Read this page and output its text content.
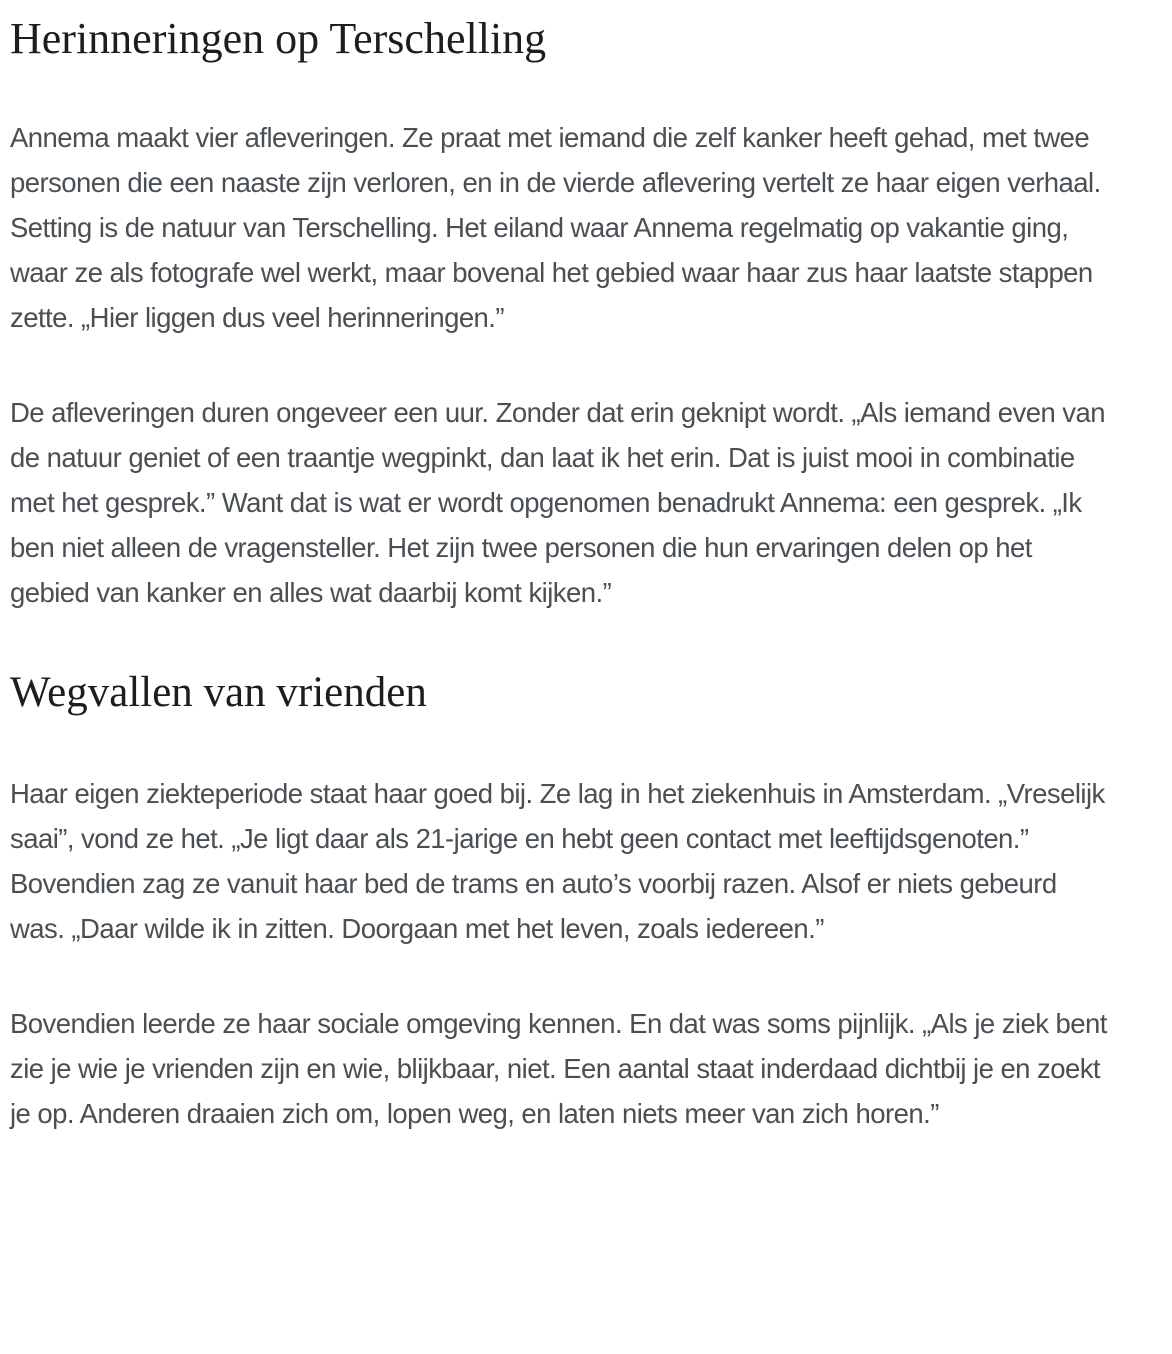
Herinneringen op Terschelling

Annema maakt vier afleveringen. Ze praat met iemand die zelf kanker heeft gehad, met twee personen die een naaste zijn verloren, en in de vierde aflevering vertelt ze haar eigen verhaal. Setting is de natuur van Terschelling. Het eiland waar Annema regelmatig op vakantie ging, waar ze als fotografe wel werkt, maar bovenal het gebied waar haar zus haar laatste stappen zette. „Hier liggen dus veel herinneringen.”

De afleveringen duren ongeveer een uur. Zonder dat erin geknipt wordt. „Als iemand even van de natuur geniet of een traantje wegpinkt, dan laat ik het erin. Dat is juist mooi in combinatie met het gesprek.” Want dat is wat er wordt opgenomen benadrukt Annema: een gesprek. „Ik ben niet alleen de vragensteller. Het zijn twee personen die hun ervaringen delen op het gebied van kanker en alles wat daarbij komt kijken.”

Wegvallen van vrienden

Haar eigen ziekteperiode staat haar goed bij. Ze lag in het ziekenhuis in Amsterdam. „Vreselijk saai”, vond ze het. „Je ligt daar als 21-jarige en hebt geen contact met leeftijdsgenoten.” Bovendien zag ze vanuit haar bed de trams en auto’s voorbij razen. Alsof er niets gebeurd was. „Daar wilde ik in zitten. Doorgaan met het leven, zoals iedereen.”

Bovendien leerde ze haar sociale omgeving kennen. En dat was soms pijnlijk. „Als je ziek bent zie je wie je vrienden zijn en wie, blijkbaar, niet. Een aantal staat inderdaad dichtbij je en zoekt je op. Anderen draaien zich om, lopen weg, en laten niets meer van zich horen.”
